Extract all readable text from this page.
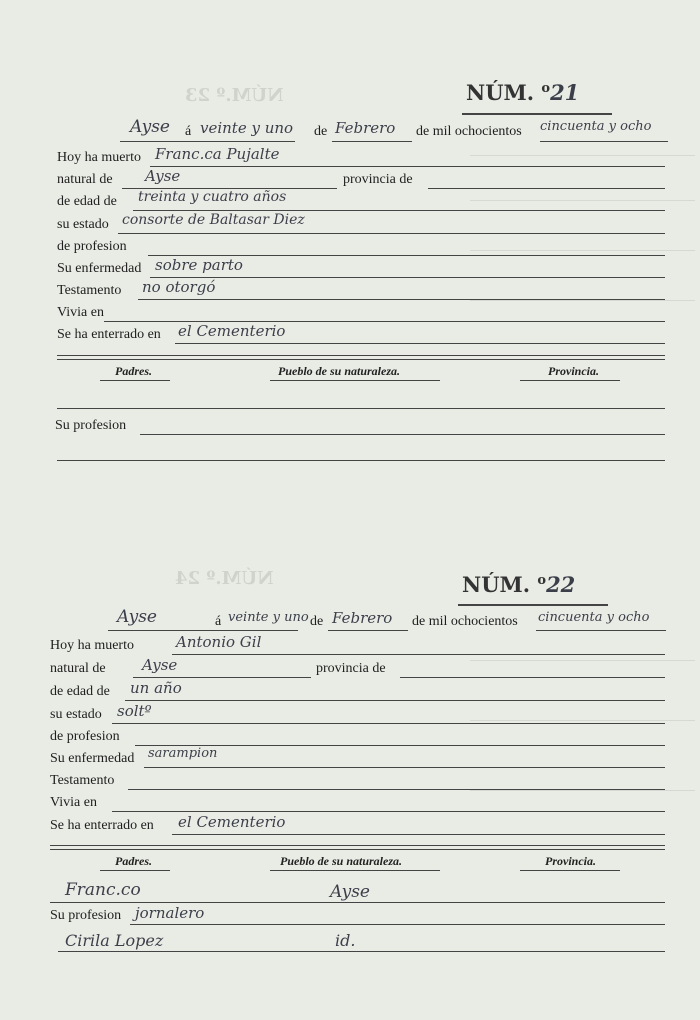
NÚM.º 23
NÚM.º 24
NÚM. $^o$21
Ayse á veinte y uno de Febrero de mil ochocientos cincuenta y ocho
Hoy ha muerto Franc.ca Pujalte
natural de Ayse	provincia de
de edad de treinta y cuatro años
su estado consorte de Baltasar Diez
de profesion
Su enfermedad sobre parto
Testamento no otorgó
Vivia en
Se ha enterrado en el Cementerio
Padres.	Pueblo de su naturaleza.	Provincia.
Su profesion
NÚM. $^o$22
Ayse	á veinte y uno de Febrero de mil ochocientos cincuenta y ocho
Hoy ha muerto	Antonio Gil
natural de Ayse	provincia de
de edad de un año
su estado soltº
de profesion
Su enfermedad sarampion
Testamento
Vivia en
Se ha enterrado en el Cementerio
Padres.	Pueblo de su naturaleza.	Provincia.
Franc.co	Ayse
Su profesion jornalero
Cirila Lopez	id.
